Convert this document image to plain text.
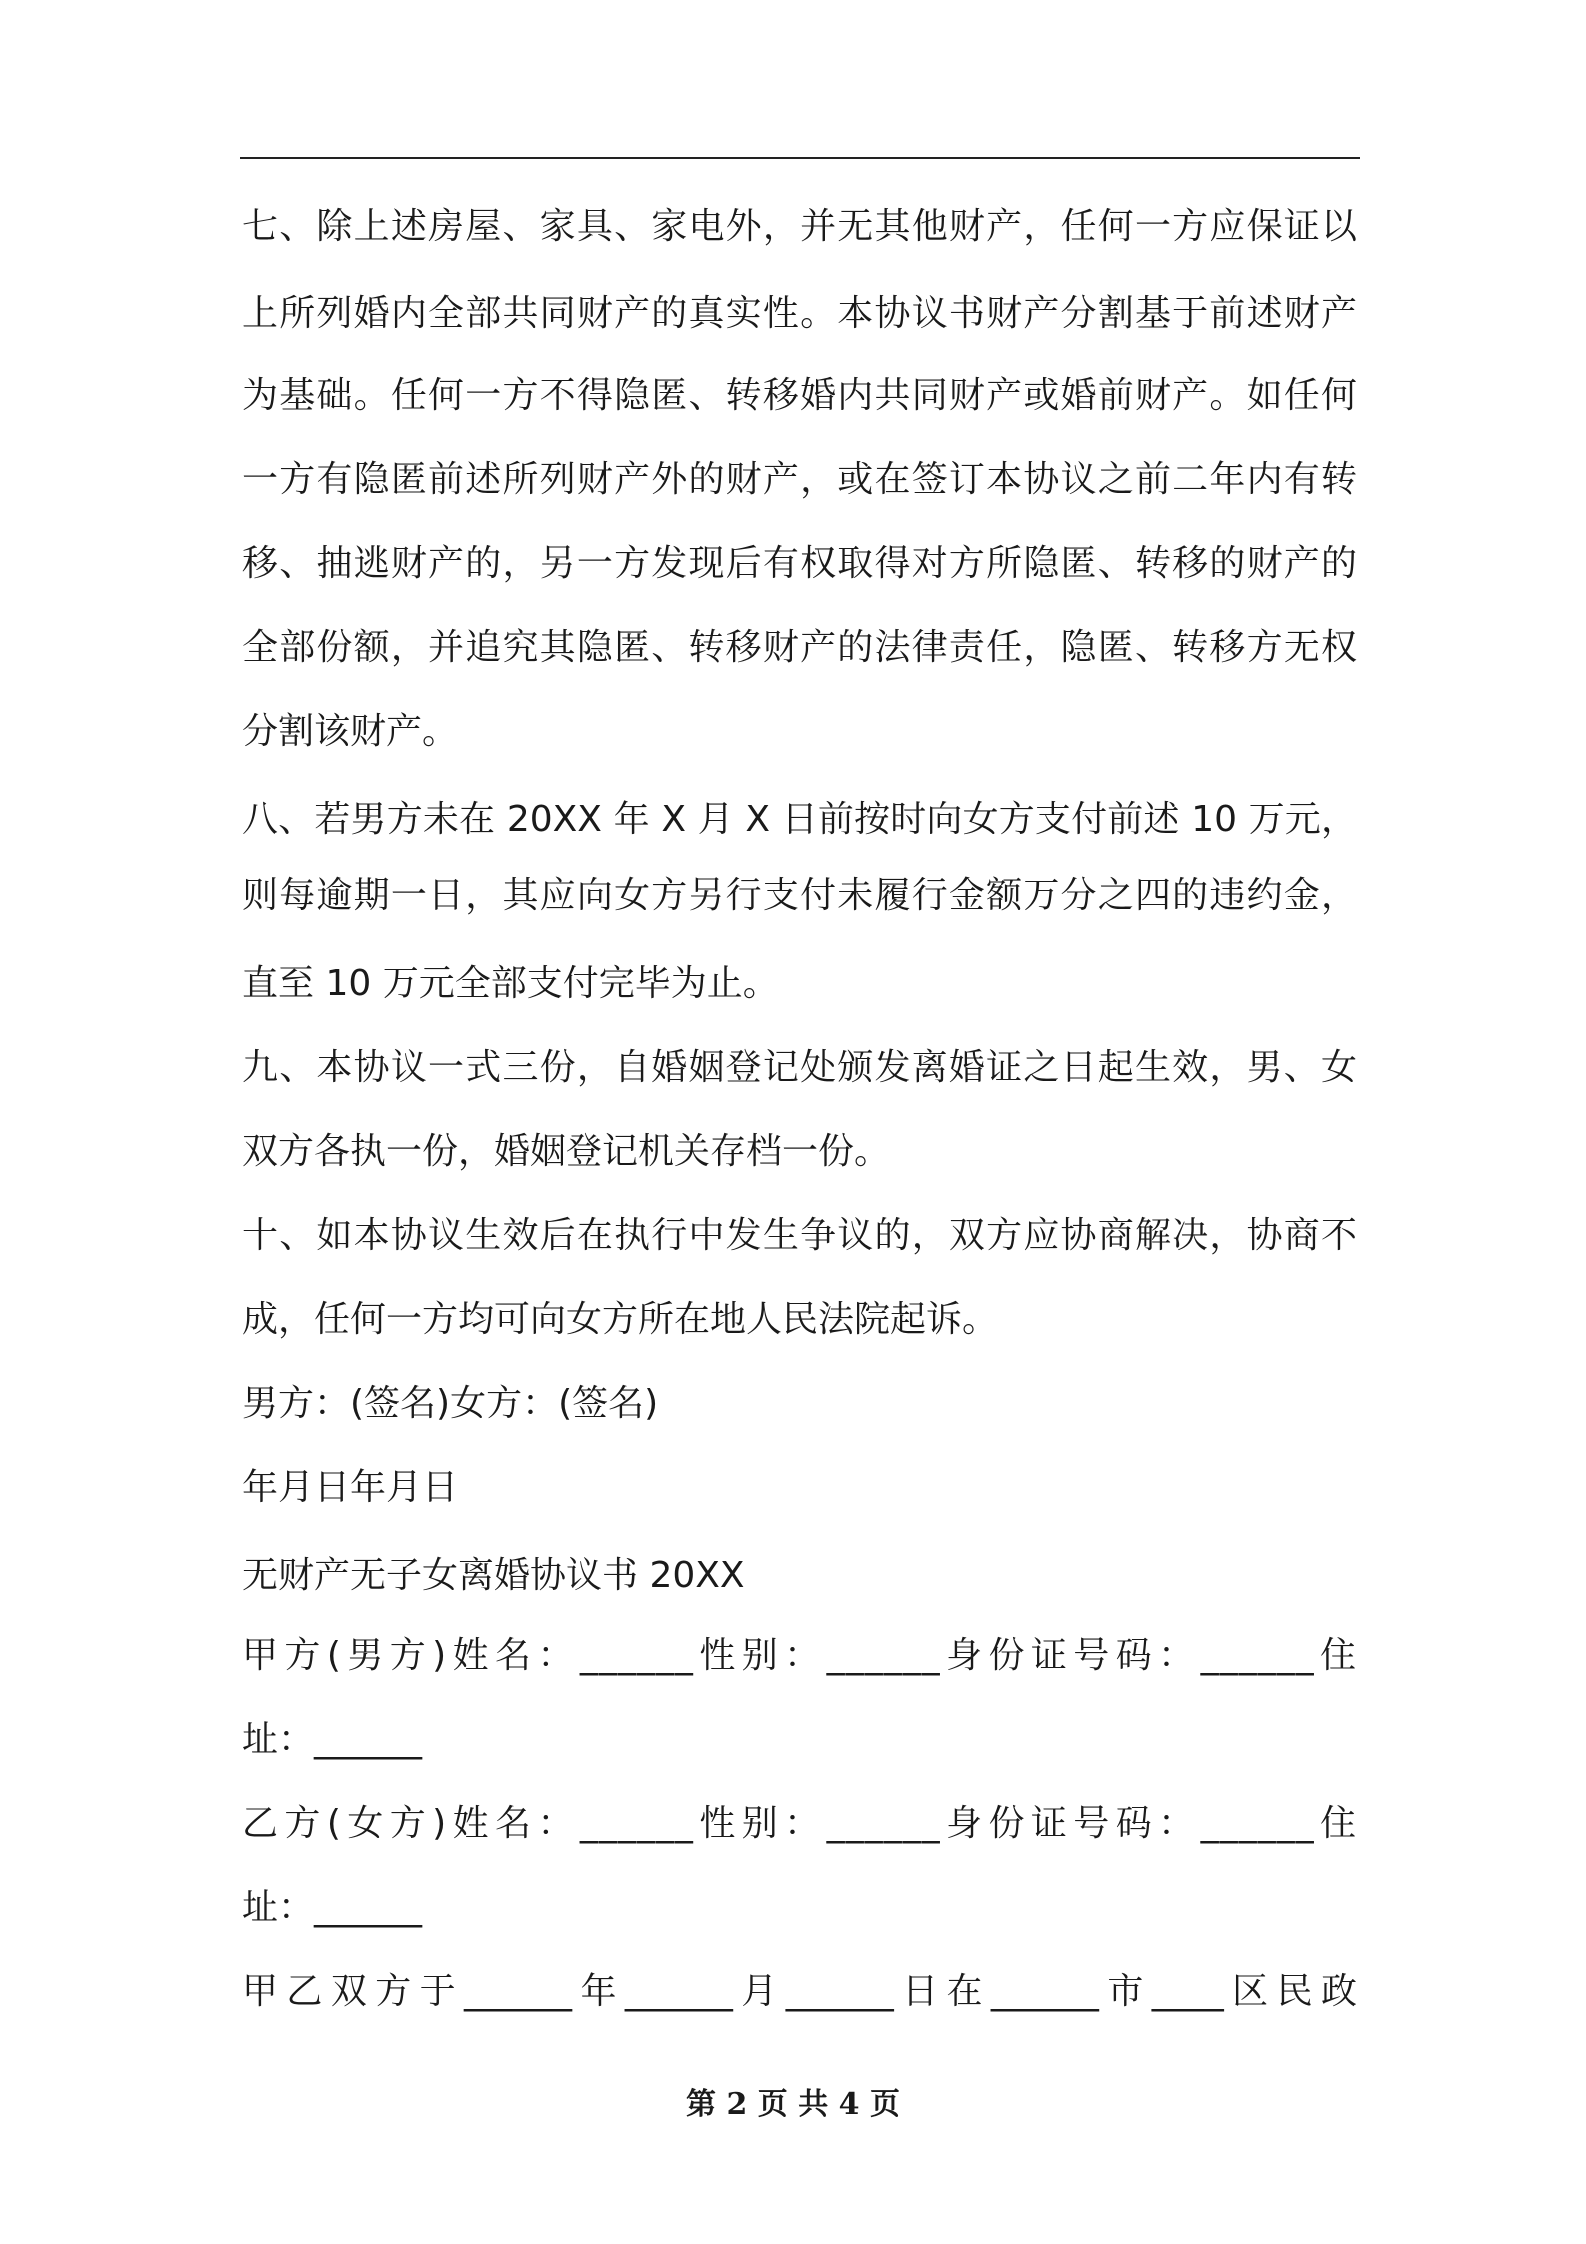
七、除上述房屋、家具、家电外，并无其他财产，任何一方应保证以
上所列婚内全部共同财产的真实性。本协议书财产分割基于前述财产
为基础。任何一方不得隐匿、转移婚内共同财产或婚前财产。如任何
一方有隐匿前述所列财产外的财产，或在签订本协议之前二年内有转
移、抽逃财产的，另一方发现后有权取得对方所隐匿、转移的财产的
全部份额，并追究其隐匿、转移财产的法律责任，隐匿、转移方无权
分割该财产。
八、若男方未在 20XX 年 X 月 X 日前按时向女方支付前述 10 万元，
则每逾期一日，其应向女方另行支付未履行金额万分之四的违约金，
直至 10 万元全部支付完毕为止。
九、本协议一式三份，自婚姻登记处颁发离婚证之日起生效，男、女
双方各执一份，婚姻登记机关存档一份。
十、如本协议生效后在执行中发生争议的，双方应协商解决，协商不
成，任何一方均可向女方所在地人民法院起诉。
男方：(签名)女方：(签名)
年月日年月日
无财产无子女离婚协议书 20XX
甲方(男方)姓名：______性别：______身份证号码：______住
址：______
乙方(女方)姓名：______性别：______身份证号码：______住
址：______
甲乙双方于______年______月______日在______市____区民政
第 2 页 共 4 页
